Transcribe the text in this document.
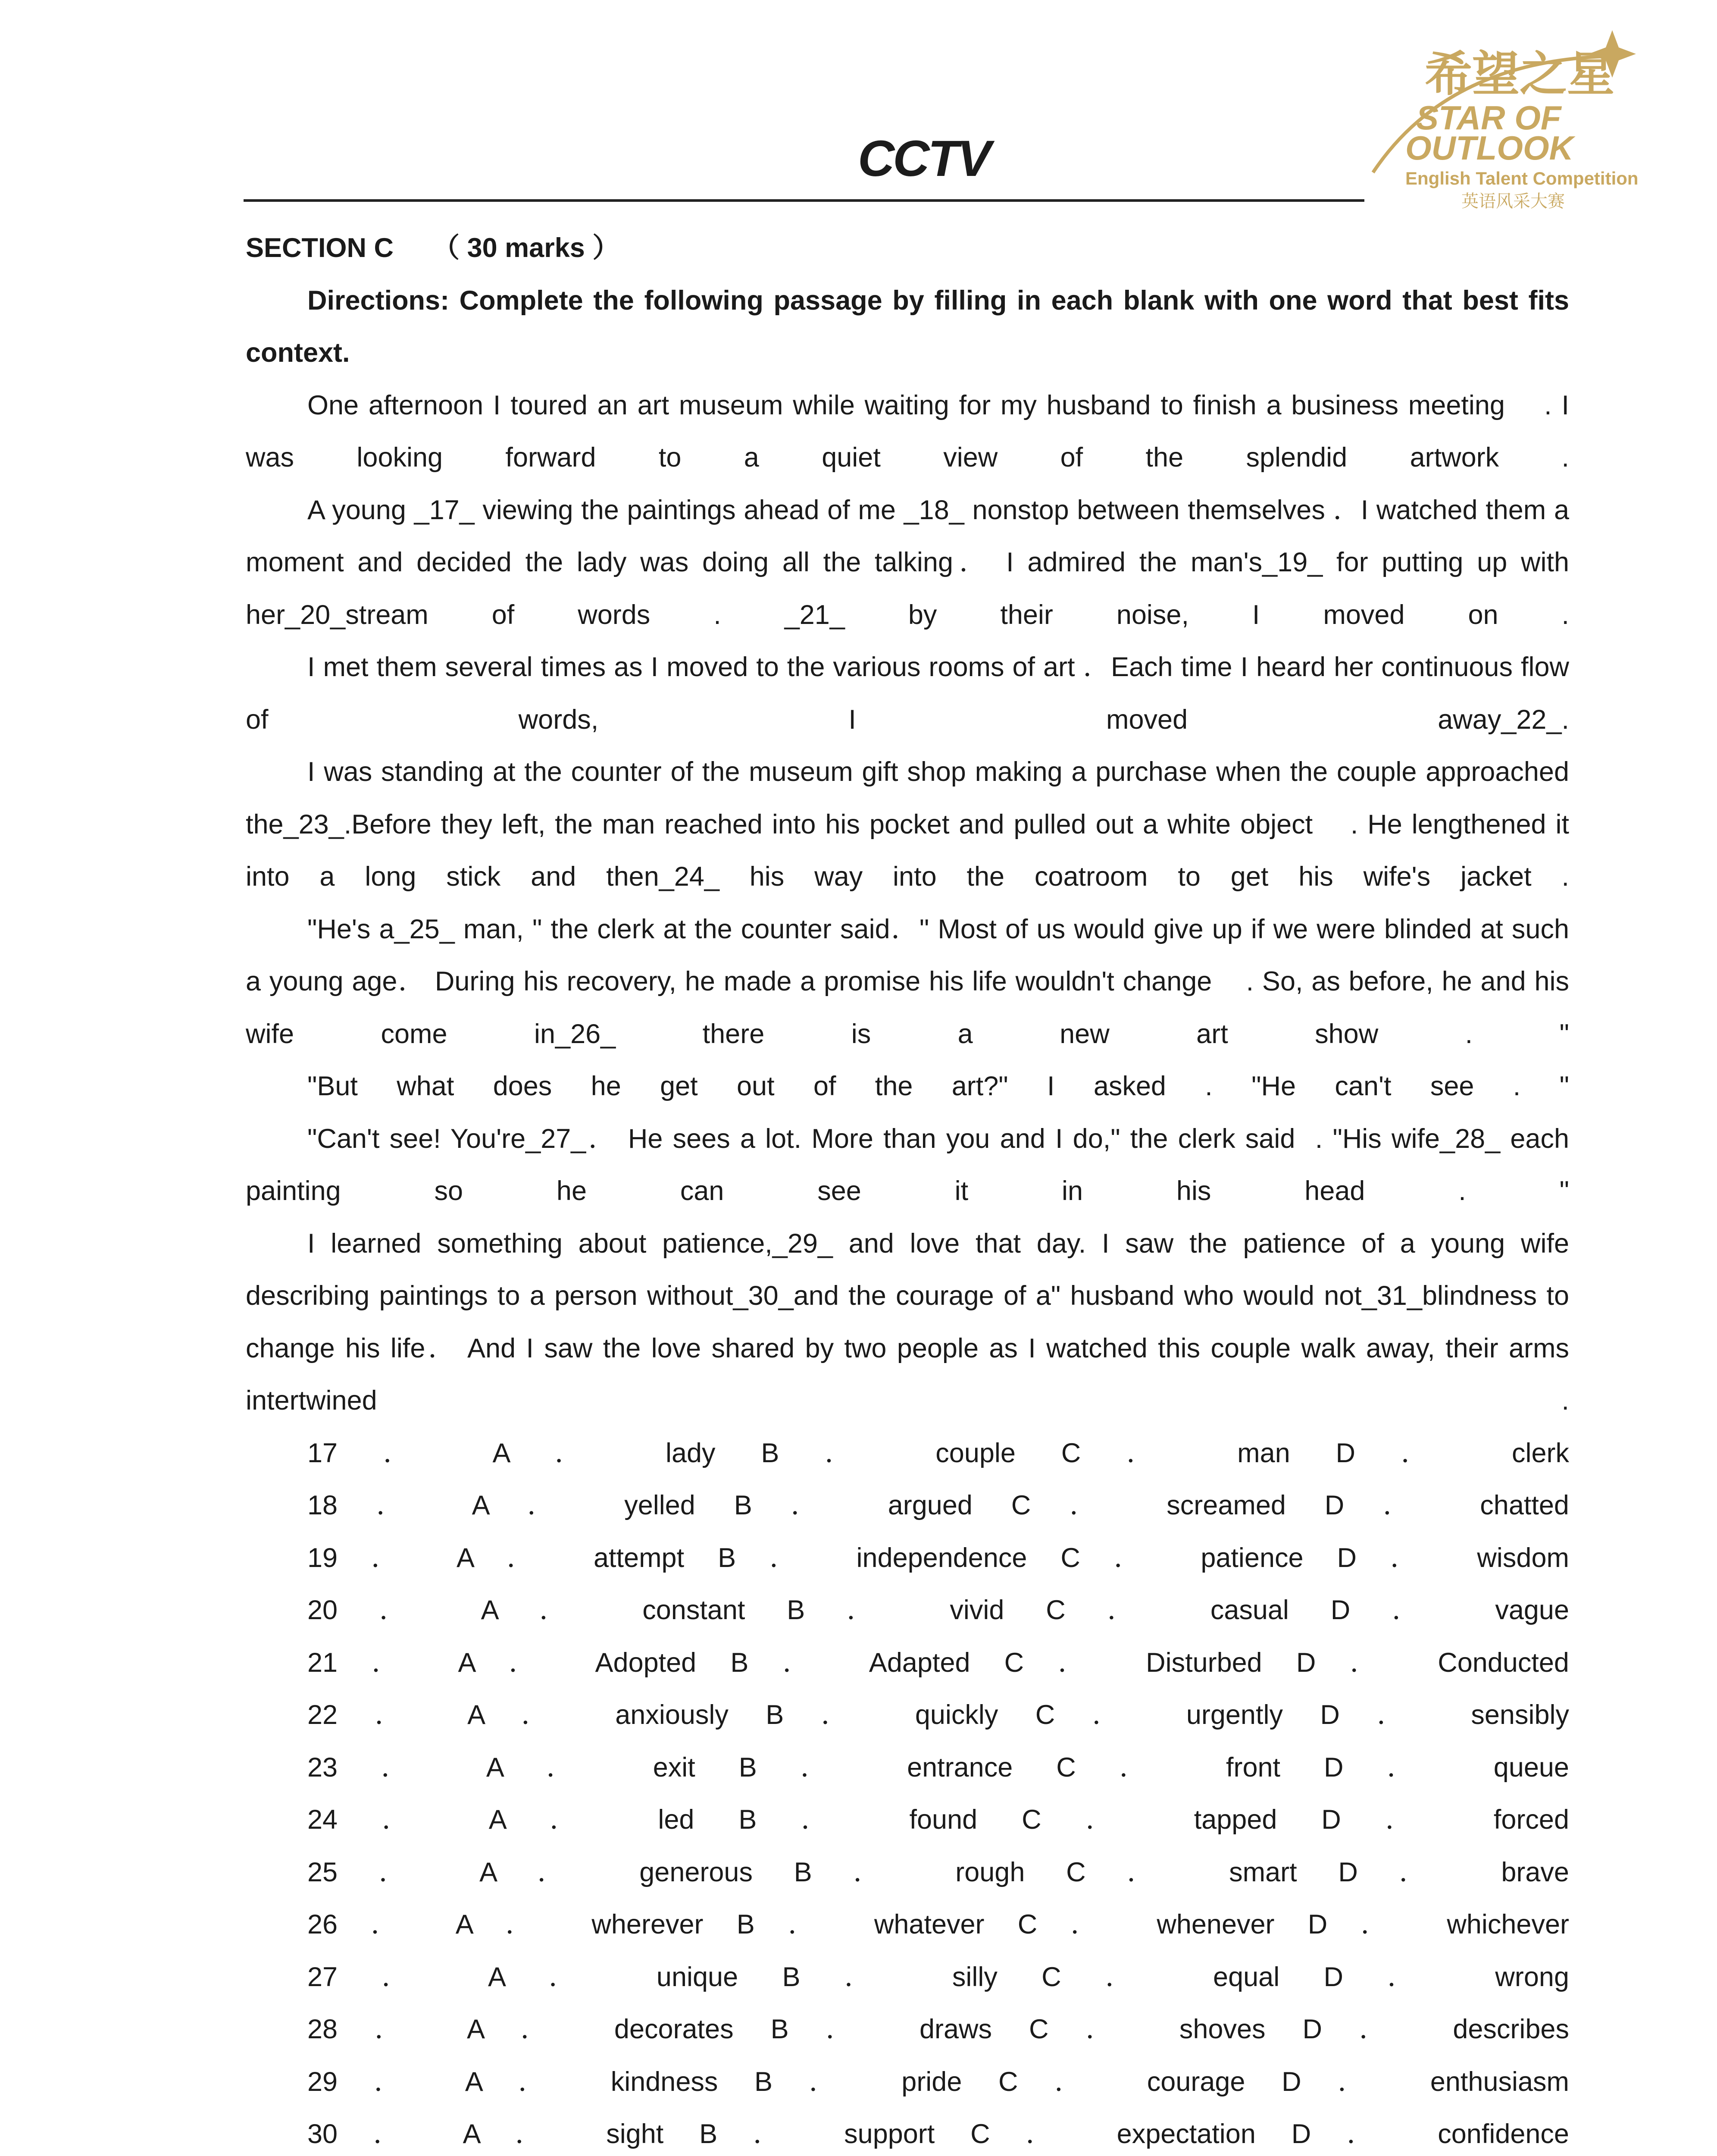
CCTV
希望之星
STAR OF
OUTLOOK
English Talent Competition
英语风采大赛
SECTION C （ 30 marks ）
Directions: Complete the following passage by filling in each blank with one word that best fits
context.
One afternoon I toured an art museum while waiting for my husband to finish a business meeting    . I
was looking forward to a quiet view of the splendid artwork .
A young _17_ viewing the paintings ahead of me _18_ nonstop between themselves ．I watched them a
moment and decided the lady was doing all the talking． I admired the man's_19_ for putting up with
her_20_stream of words . _21_ by their noise, I moved on .
I met them several times as I moved to the various rooms of art ．Each time I heard her continuous flow
of words, I moved away_22_.
I was standing at the counter of the museum gift shop making a purchase when the couple approached
the_23_.Before they left, the man reached into his pocket and pulled out a white object    . He lengthened it
into a long stick and then_24_ his way into the coatroom to get his wife's jacket .
"He's a_25_ man, " the clerk at the counter said．" Most of us would give up if we were blinded at such
a young age． During his recovery, he made a promise his life wouldn't change    . So, as before, he and his
wife come in_26_ there is a new art show . "
"But what does he get out of the art?" I asked . "He can't see . "
"Can't see! You're_27_． He sees a lot. More than you and I do," the clerk said  . "His wife_28_ each
painting so he can see it in his head . "
I learned something about patience,_29_ and love that day. I saw the patience of a young wife
describing paintings to a person without_30_and the courage of a" husband who would not_31_blindness to
change his life． And I saw the love shared by two people as I watched this couple walk away, their arms
intertwined .
17 ． A ． lady B ． couple C ． man D ． clerk
18 ． A ． yelled B ． argued C ． screamed D ． chatted
19 ． A ． attempt B ． independence C ． patience D ． wisdom
20 ． A ． constant B ． vivid C ． casual D ． vague
21 ． A ． Adopted B ． Adapted C ． Disturbed D ． Conducted
22 ． A ． anxiously B ． quickly C ． urgently D ． sensibly
23 ． A ． exit B ． entrance C ． front D ． queue
24 ． A ． led B ． found C ． tapped D ． forced
25 ． A ． generous B ． rough C ． smart D ． brave
26 ． A ． wherever B ． whatever C ． whenever D ． whichever
27 ． A ． unique B ． silly C ． equal D ． wrong
28 ． A ． decorates B ． draws C ． shoves D ． describes
29 ． A ． kindness B ． pride C ． courage D ． enthusiasm
30 ． A ． sight B ． support C ． expectation D ． confidence
